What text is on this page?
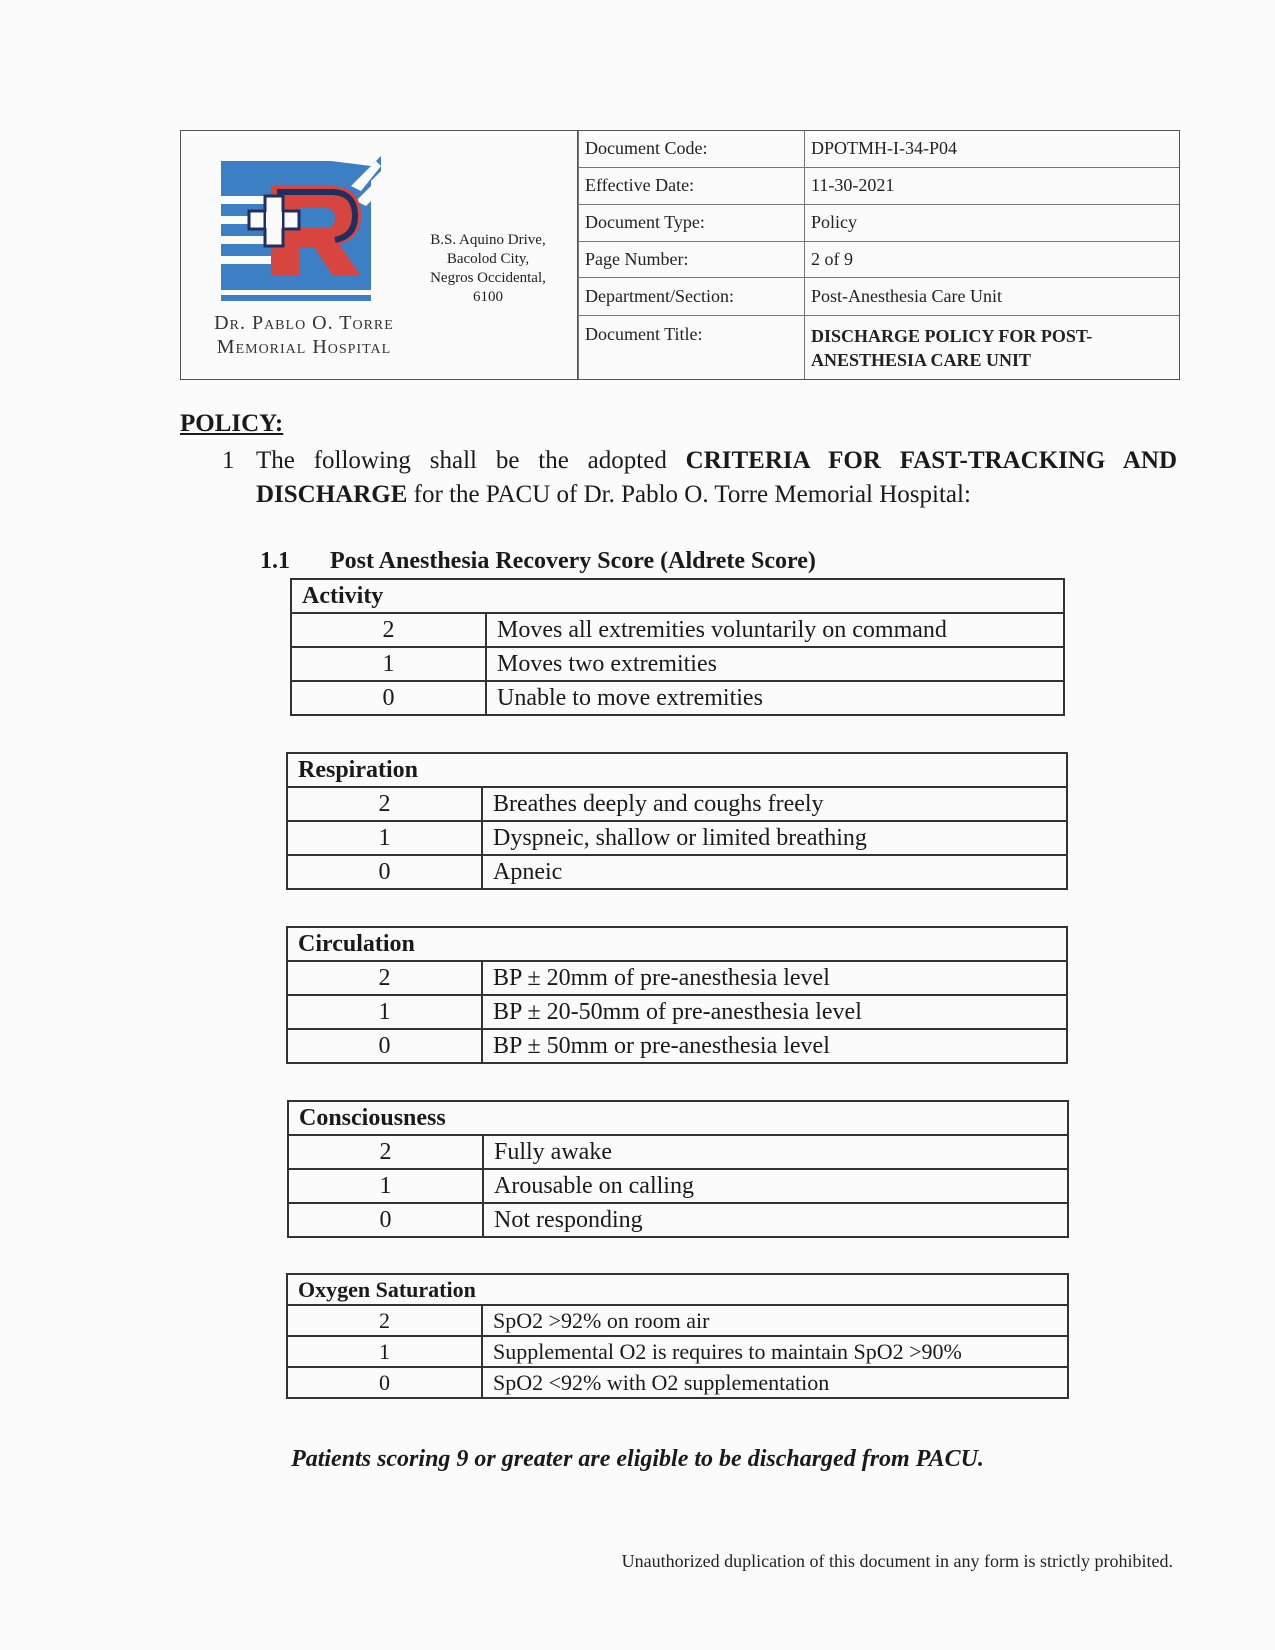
Dr. Pablo O. Torre
Memorial Hospital
B.S. Aquino Drive,
Bacolod City,
Negros Occidental,
6100
Document Code:	DPOTMH-I-34-P04
Effective Date:	11-30-2021
Document Type:	Policy
Page Number:	2 of 9
Department/Section:	Post-Anesthesia Care Unit
Document Title:	DISCHARGE POLICY FOR POST-
ANESTHESIA CARE UNIT
POLICY:
1 The following shall be the adopted CRITERIA FOR FAST-TRACKING AND DISCHARGE for the PACU of Dr. Pablo O. Torre Memorial Hospital:
1.1 Post Anesthesia Recovery Score (Aldrete Score)
Activity	
2	Moves all extremities voluntarily on command
1	Moves two extremities
0	Unable to move extremities
Respiration	
2	Breathes deeply and coughs freely
1	Dyspneic, shallow or limited breathing
0	Apneic
Circulation	
2	BP ± 20mm of pre-anesthesia level
1	BP ± 20-50mm of pre-anesthesia level
0	BP ± 50mm or pre-anesthesia level
Consciousness	
2	Fully awake
1	Arousable on calling
0	Not responding
Oxygen Saturation	
2	SpO2 >92% on room air
1	Supplemental O2 is requires to maintain SpO2 >90%
0	SpO2 <92% with O2 supplementation
Patients scoring 9 or greater are eligible to be discharged from PACU.
Unauthorized duplication of this document in any form is strictly prohibited.
